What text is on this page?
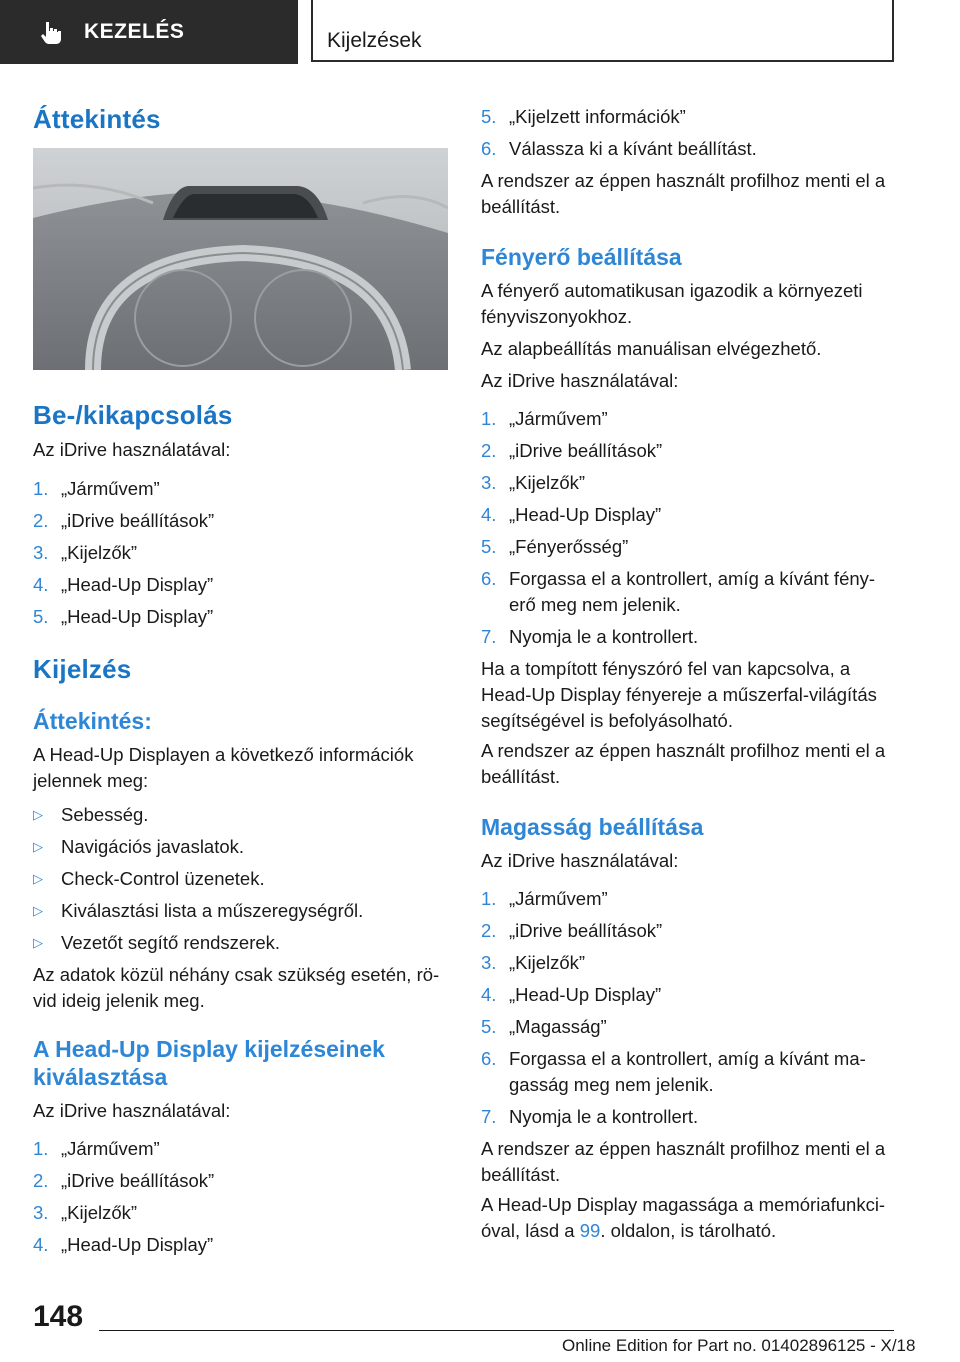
KEZELÉS	Kijelzések
Áttekintés
Be-/kikapcsolás
Az iDrive használatával:
1. „Járművem”
2. „iDrive beállítások”
3. „Kijelzők”
4. „Head-Up Display”
5. „Head-Up Display”
Kijelzés
Áttekintés:
A Head-Up Displayen a következő információk
jelennek meg:
▷ Sebesség.
▷ Navigációs javaslatok.
▷ Check-Control üzenetek.
▷ Kiválasztási lista a műszeregységről.
▷ Vezetőt segítő rendszerek.
Az adatok közül néhány csak szükség esetén, rö-
vid ideig jelenik meg.
A Head-Up Display kijelzéseinek
kiválasztása
Az iDrive használatával:
1. „Járművem”
2. „iDrive beállítások”
3. „Kijelzők”
4. „Head-Up Display”
5. „Kijelzett információk”
6. Válassza ki a kívánt beállítást.
A rendszer az éppen használt profilhoz menti el a
beállítást.
Fényerő beállítása
A fényerő automatikusan igazodik a környezeti
fényviszonyokhoz.
Az alapbeállítás manuálisan elvégezhető.
Az iDrive használatával:
1. „Járművem”
2. „iDrive beállítások”
3. „Kijelzők”
4. „Head-Up Display”
5. „Fényerősség”
6. Forgassa el a kontrollert, amíg a kívánt fény-
erő meg nem jelenik.
7. Nyomja le a kontrollert.
Ha a tompított fényszóró fel van kapcsolva, a
Head-Up Display fényereje a műszerfal-világítás
segítségével is befolyásolható.
A rendszer az éppen használt profilhoz menti el a
beállítást.
Magasság beállítása
Az iDrive használatával:
1. „Járművem”
2. „iDrive beállítások”
3. „Kijelzők”
4. „Head-Up Display”
5. „Magasság”
6. Forgassa el a kontrollert, amíg a kívánt ma-
gasság meg nem jelenik.
7. Nyomja le a kontrollert.
A rendszer az éppen használt profilhoz menti el a
beállítást.
A Head-Up Display magassága a memóriafunkci-
óval, lásd a 99. oldalon, is tárolható.
148
Online Edition for Part no. 01402896125 - X/18
